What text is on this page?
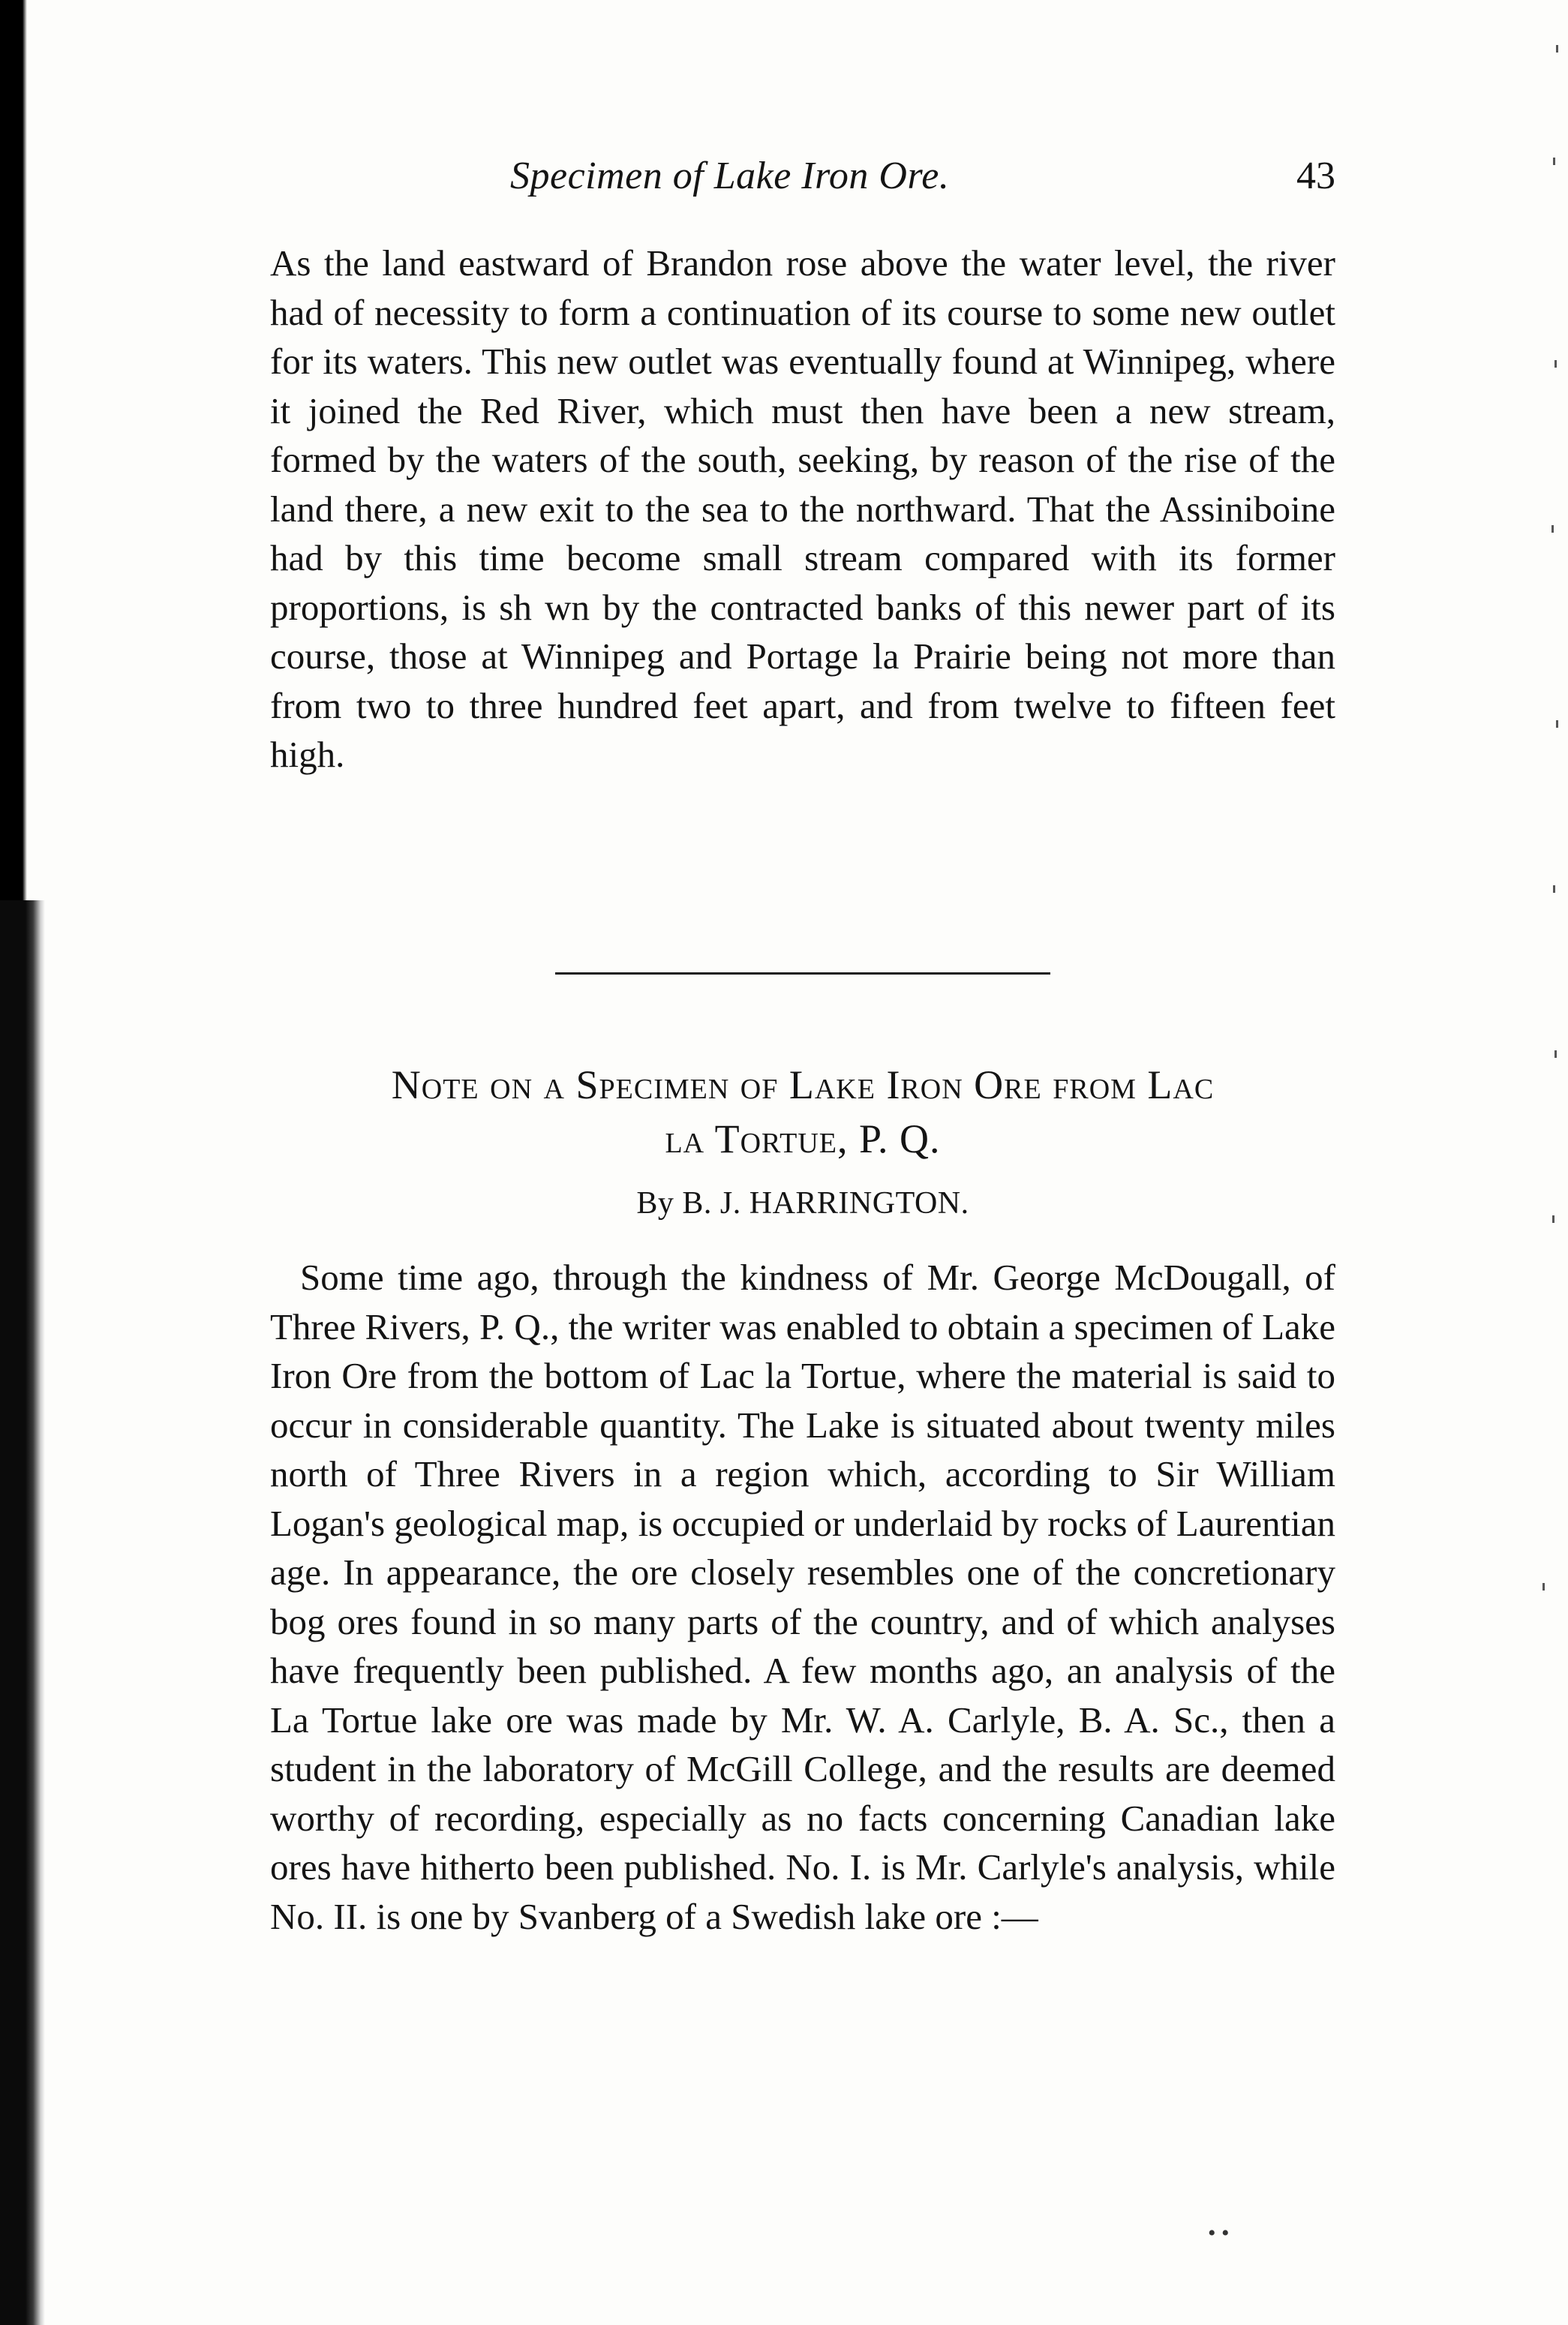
Specimen of Lake Iron Ore.	43

As the land eastward of Brandon rose above the water level, the river had of necessity to form a continuation of its course to some new outlet for its waters. This new outlet was eventually found at Winnipeg, where it joined the Red River, which must then have been a new stream, formed by the waters of the south, seeking, by reason of the rise of the land there, a new exit to the sea to the northward. That the Assiniboine had by this time become small stream compared with its former proportions, is sh wn by the contracted banks of this newer part of its course, those at Winnipeg and Portage la Prairie being not more than from two to three hundred feet apart, and from twelve to fifteen feet high.

Note on a Specimen of Lake Iron Ore from Lac
la Tortue, P. Q.
By B. J. HARRINGTON.

Some time ago, through the kindness of Mr. George McDougall, of Three Rivers, P. Q., the writer was enabled to obtain a specimen of Lake Iron Ore from the bottom of Lac la Tortue, where the material is said to occur in considerable quantity. The Lake is situated about twenty miles north of Three Rivers in a region which, according to Sir William Logan's geological map, is occupied or underlaid by rocks of Laurentian age. In appearance, the ore closely resembles one of the concretionary bog ores found in so many parts of the country, and of which analyses have frequently been published. A few months ago, an analysis of the La Tortue lake ore was made by Mr. W. A. Carlyle, B. A. Sc., then a student in the laboratory of McGill College, and the results are deemed worthy of recording, especially as no facts concerning Canadian lake ores have hitherto been published. No. I. is Mr. Carlyle's analysis, while No. II. is one by Svanberg of a Swedish lake ore :—

• •
